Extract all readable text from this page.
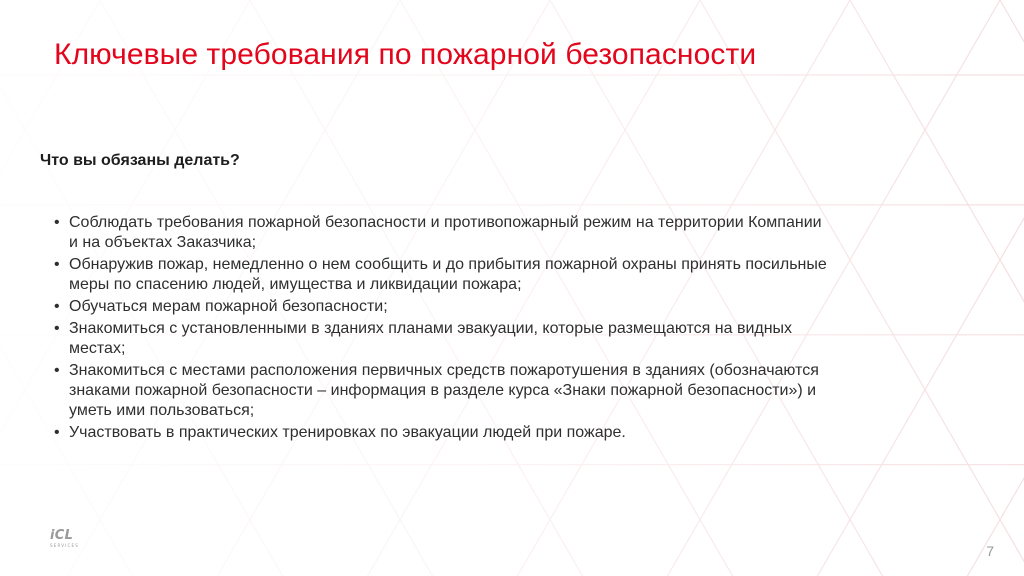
Ключевые требования по пожарной безопасности
Что вы обязаны делать?
• Соблюдать требования пожарной безопасности и противопожарный режим на территории Компании
и на объектах Заказчика;
• Обнаружив пожар, немедленно о нем сообщить и до прибытия пожарной охраны принять посильные
меры по спасению людей, имущества и ликвидации пожара;
• Обучаться мерам пожарной безопасности;
• Знакомиться с установленными в зданиях планами эвакуации, которые размещаются на видных
местах;
• Знакомиться с местами расположения первичных средств пожаротушения в зданиях (обозначаются
знаками пожарной безопасности – информация в разделе курса «Знаки пожарной безопасности») и
уметь ими пользоваться;
• Участвовать в практических тренировках по эвакуации людей при пожаре.
iCL
SERVICES	7
